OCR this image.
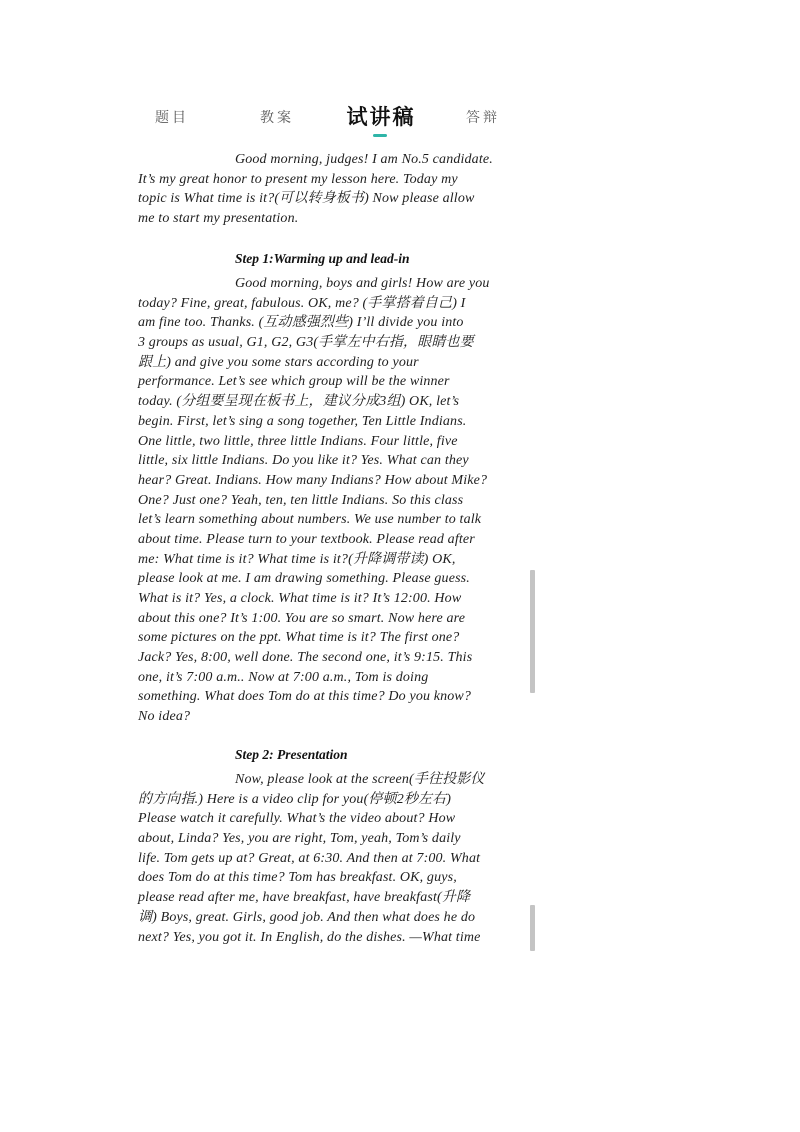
题目	教案	试讲稿	答辩
Good morning, judges! I am No.5 candidate.
It’s my great honor to present my lesson here. Today my
topic is What time is it?(可以转身板书) Now please allow
me to start my presentation.
Step 1:Warming up and lead-in
Good morning, boys and girls! How are you
today? Fine, great, fabulous. OK, me? (手掌搭着自己) I
am fine too. Thanks. (互动感强烈些) I’ll divide you into
3 groups as usual, G1, G2, G3(手掌左中右指，眼睛也要
跟上) and give you some stars according to your
performance. Let’s see which group will be the winner
today. (分组要呈现在板书上，建议分成3组) OK, let’s
begin. First, let’s sing a song together, Ten Little Indians.
One little, two little, three little Indians. Four little, five
little, six little Indians. Do you like it? Yes. What can they
hear? Great. Indians. How many Indians? How about Mike?
One? Just one? Yeah, ten, ten little Indians. So this class
let’s learn something about numbers. We use number to talk
about time. Please turn to your textbook. Please read after
me: What time is it? What time is it?(升降调带读) OK,
please look at me. I am drawing something. Please guess.
What is it? Yes, a clock. What time is it? It’s 12:00. How
about this one? It’s 1:00. You are so smart. Now here are
some pictures on the ppt. What time is it? The first one?
Jack? Yes, 8:00, well done. The second one, it’s 9:15. This
one, it’s 7:00 a.m.. Now at 7:00 a.m., Tom is doing
something. What does Tom do at this time? Do you know?
No idea?
Step 2: Presentation
Now, please look at the screen(手往投影仪
的方向指.) Here is a video clip for you(停顿2秒左右)
Please watch it carefully. What’s the video about? How
about, Linda? Yes, you are right, Tom, yeah, Tom’s daily
life. Tom gets up at? Great, at 6:30. And then at 7:00. What
does Tom do at this time? Tom has breakfast. OK, guys,
please read after me, have breakfast, have breakfast(升降
调) Boys, great. Girls, good job. And then what does he do
next? Yes, you got it. In English, do the dishes. —What time
